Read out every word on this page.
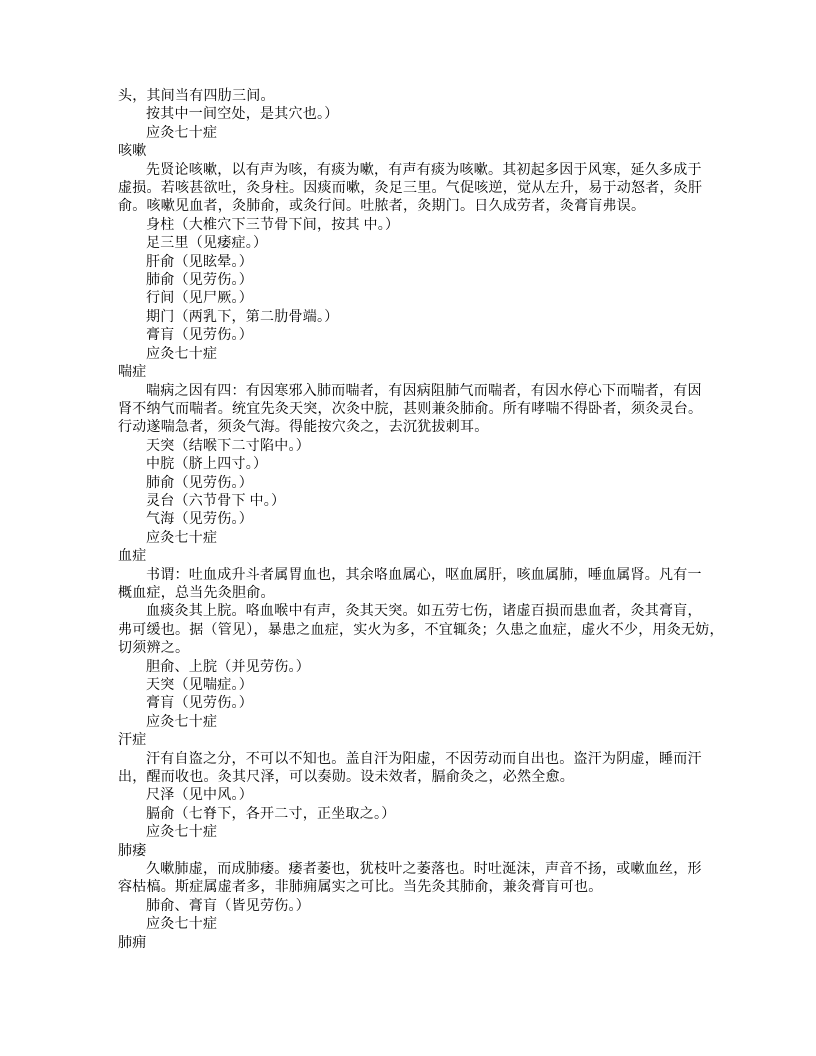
头，其间当有四肋三间。
按其中一间空处，是其穴也。）
应灸七十症
咳嗽
先贤论咳嗽，以有声为咳，有痰为嗽，有声有痰为咳嗽。其初起多因于风寒，延久多成于
虚损。若咳甚欲吐，灸身柱。因痰而嗽，灸足三里。气促咳逆，觉从左升，易于动怒者，灸肝
俞。咳嗽见血者，灸肺俞，或灸行间。吐脓者，灸期门。日久成劳者，灸膏肓弗误。
身柱（大椎穴下三节骨下间，按其 中。）
足三里（见痿症。）
肝俞（见眩晕。）
肺俞（见劳伤。）
行间（见尸厥。）
期门（两乳下，第二肋骨端。）
膏肓（见劳伤。）
应灸七十症
喘症
喘病之因有四：有因寒邪入肺而喘者，有因病阻肺气而喘者，有因水停心下而喘者，有因
肾不纳气而喘者。统宜先灸天突，次灸中脘，甚则兼灸肺俞。所有哮喘不得卧者，须灸灵台。
行动遂喘急者，须灸气海。得能按穴灸之，去沉犹拔刺耳。
天突（结喉下二寸陷中。）
中脘（脐上四寸。）
肺俞（见劳伤。）
灵台（六节骨下 中。）
气海（见劳伤。）
应灸七十症
血症
书谓：吐血成升斗者属胃血也，其余咯血属心，呕血属肝，咳血属肺，唾血属肾。凡有一
概血症，总当先灸胆俞。
血痰灸其上脘。咯血喉中有声，灸其天突。如五劳七伤，诸虚百损而患血者，灸其膏肓，
弗可缓也。据（管见），暴患之血症，实火为多，不宜辄灸；久患之血症，虚火不少，用灸无妨，
切须辨之。
胆俞、上脘（并见劳伤。）
天突（见喘症。）
膏肓（见劳伤。）
应灸七十症
汗症
汗有自盗之分，不可以不知也。盖自汗为阳虚，不因劳动而自出也。盗汗为阴虚，睡而汗
出，醒而收也。灸其尺泽，可以奏勋。设未效者，膈俞灸之，必然全愈。
尺泽（见中风。）
膈俞（七脊下，各开二寸，正坐取之。）
应灸七十症
肺痿
久嗽肺虚，而成肺痿。痿者萎也，犹枝叶之萎落也。时吐涎沫，声音不扬，或嗽血丝，形
容枯槁。斯症属虚者多，非肺痈属实之可比。当先灸其肺俞，兼灸膏肓可也。
肺俞、膏肓（皆见劳伤。）
应灸七十症
肺痈
